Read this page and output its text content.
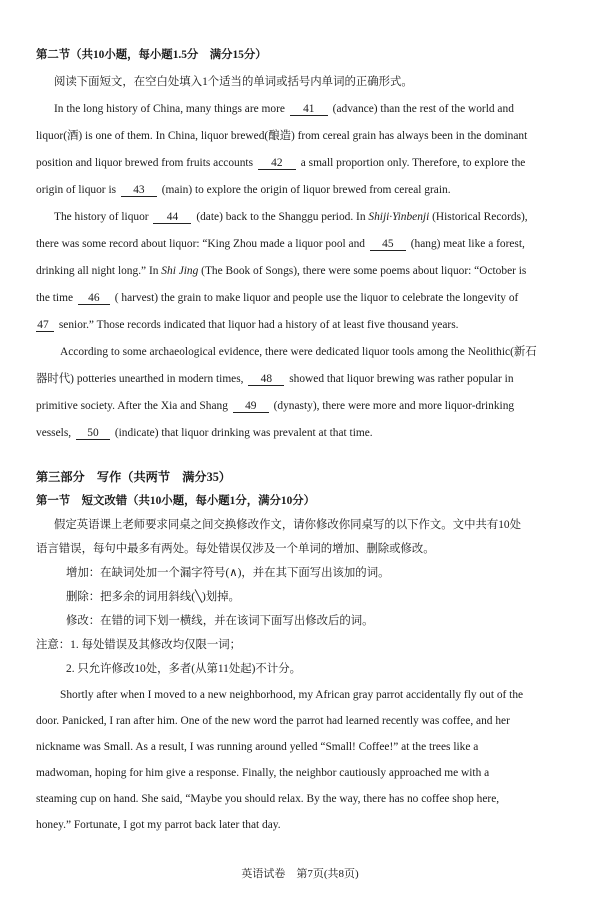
第二节（共10小题，每小题1.5分　满分15分）
阅读下面短文，在空白处填入1个适当的单词或括号内单词的正确形式。
In the long history of China, many things are more 41 (advance) than the rest of the world and
liquor(酒) is one of them. In China, liquor brewed(酿造) from cereal grain has always been in the dominant
position and liquor brewed from fruits accounts 42 a small proportion only. Therefore, to explore the
origin of liquor is 43 (main) to explore the origin of liquor brewed from cereal grain.
The history of liquor 44 (date) back to the Shanggu period. In Shiji·Yinbenji (Historical Records),
there was some record about liquor: “King Zhou made a liquor pool and 45 (hang) meat like a forest,
drinking all night long.” In Shi Jing (The Book of Songs), there were some poems about liquor: “October is
the time 46 ( harvest) the grain to make liquor and people use the liquor to celebrate the longevity of
47 senior.” Those records indicated that liquor had a history of at least five thousand years.
According to some archaeological evidence, there were dedicated liquor tools among the Neolithic(新石
器时代) potteries unearthed in modern times, 48 showed that liquor brewing was rather popular in
primitive society. After the Xia and Shang 49 (dynasty), there were more and more liquor-drinking
vessels, 50 (indicate) that liquor drinking was prevalent at that time.
第三部分　写作（共两节　满分35）
第一节　短文改错（共10小题，每小题1分，满分10分）
假定英语课上老师要求同桌之间交换修改作文，请你修改你同桌写的以下作文。文中共有10处
语言错误，每句中最多有两处。每处错误仅涉及一个单词的增加、删除或修改。
增加：在缺词处加一个漏字符号(∧)，并在其下面写出该加的词。
删除：把多余的词用斜线(╲)划掉。
修改：在错的词下划一横线，并在该词下面写出修改后的词。
注意：1. 每处错误及其修改均仅限一词；
2. 只允许修改10处，多者(从第11处起)不计分。
Shortly after when I moved to a new neighborhood, my African gray parrot accidentally fly out of the
door. Panicked, I ran after him. One of the new word the parrot had learned recently was coffee, and her
nickname was Small. As a result, I was running around yelled “Small! Coffee!” at the trees like a
madwoman, hoping for him give a response. Finally, the neighbor cautiously approached me with a
steaming cup on hand. She said, “Maybe you should relax. By the way, there has no coffee shop here,
honey.” Fortunate, I got my parrot back later that day.
英语试卷　第7页(共8页)
